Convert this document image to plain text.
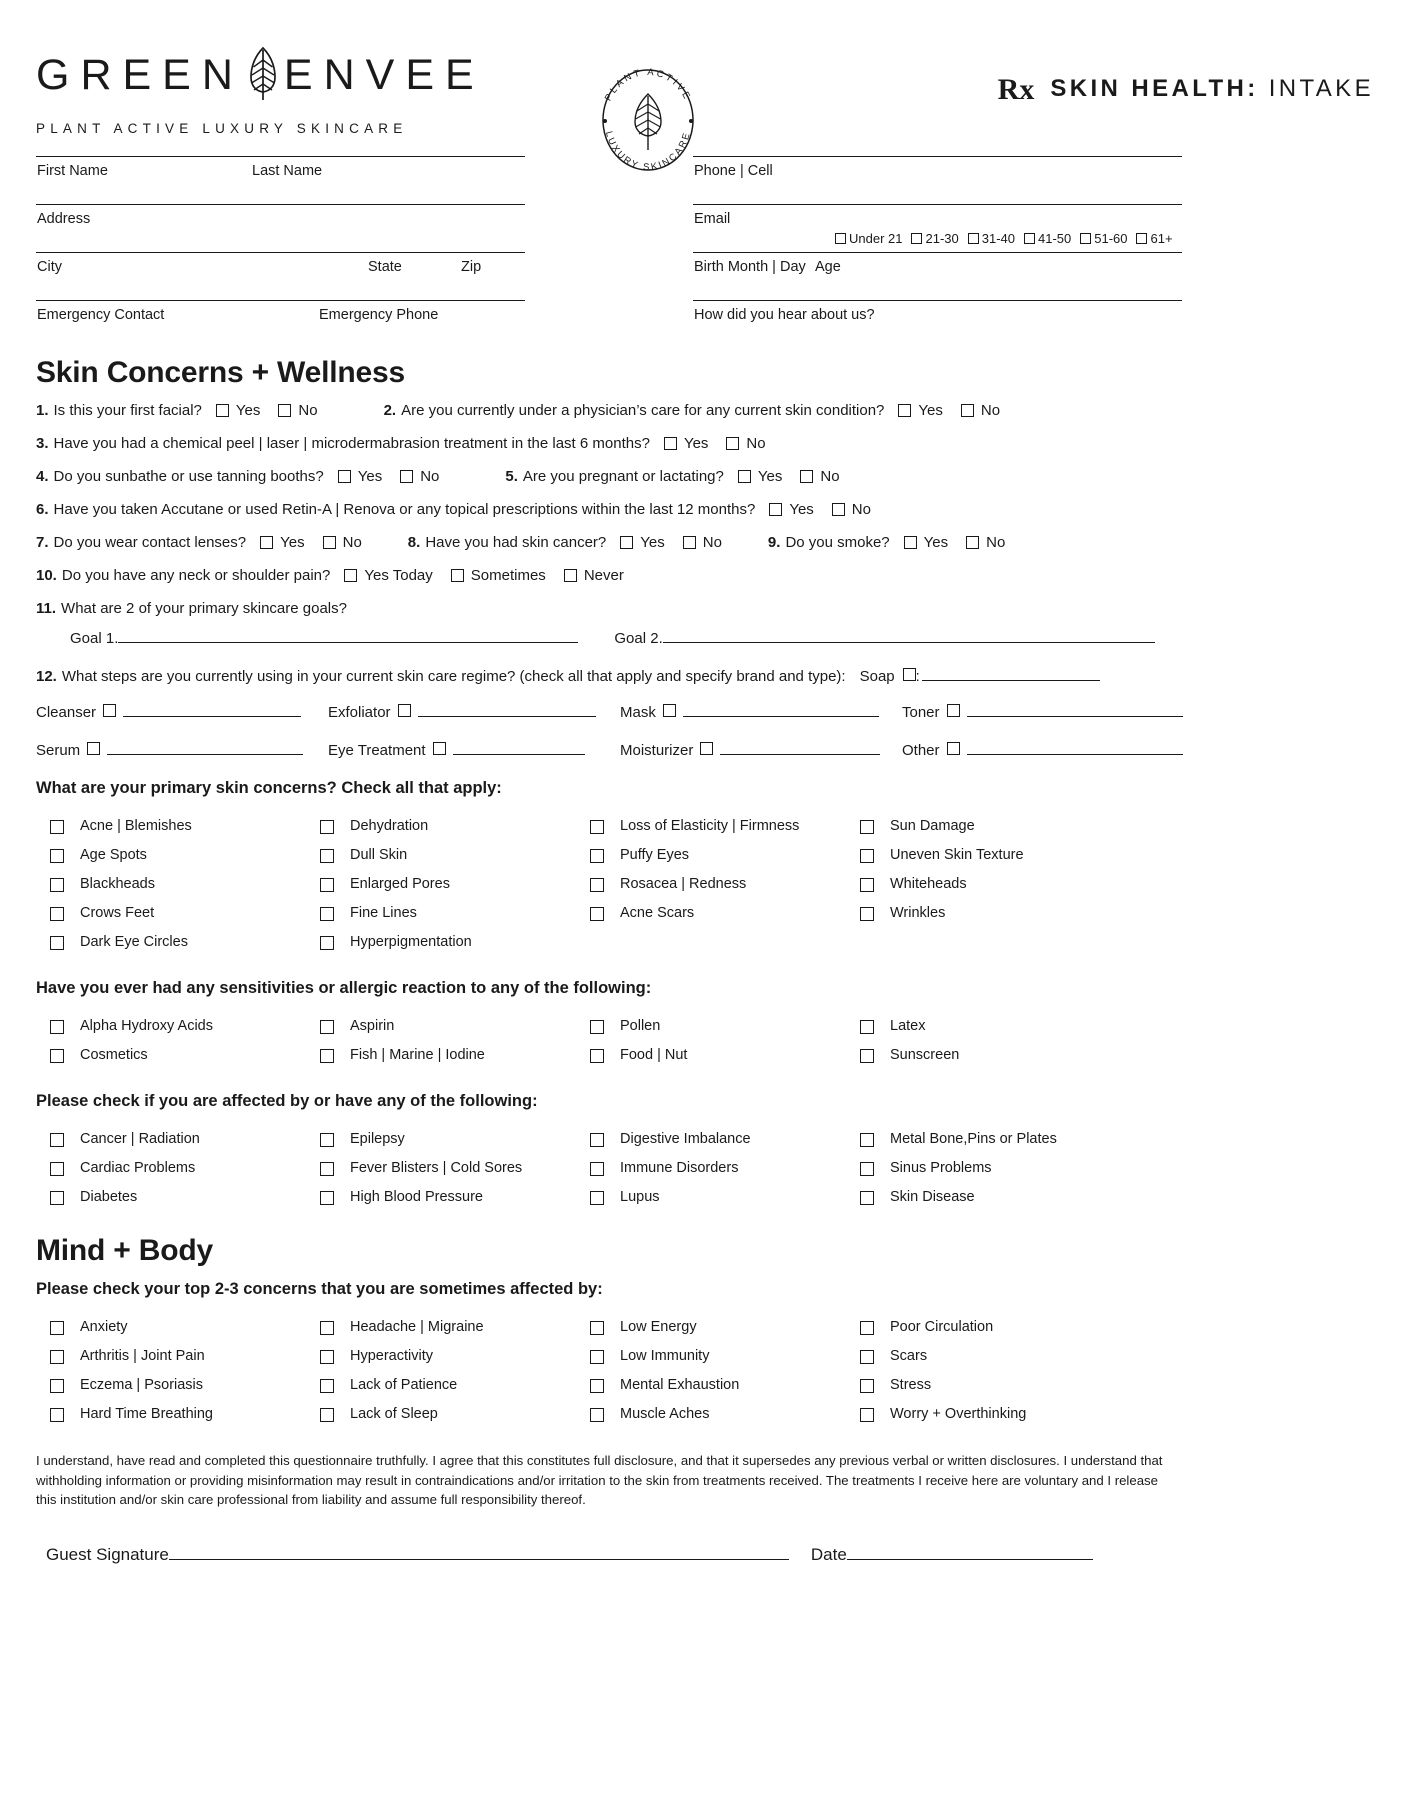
GREEN ENVEE
PLANT ACTIVE LUXURY SKINCARE
PLANT ACTIVE
LUXURY SKINCARE
Rx SKIN HEALTH: INTAKE
First Name	Last Name
Address
City	State	Zip
Emergency Contact	Emergency Phone
Phone | Cell
Email
Under 21 21-30 31-40 41-50 51-60 61+
Birth Month | Day Age
How did you hear about us?
Skin Concerns + Wellness
1. Is this your first facial? Yes	No	2. Are you currently under a physician’s care for any current skin condition? Yes	No
3. Have you had a chemical peel | laser | microdermabrasion treatment in the last 6 months? Yes	No
4. Do you sunbathe or use tanning booths? Yes	No	5. Are you pregnant or lactating? Yes	No
6. Have you taken Accutane or used Retin-A | Renova or any topical prescriptions within the last 12 months? Yes	No
7. Do you wear contact lenses? Yes	No	8. Have you had skin cancer? Yes	No	9. Do you smoke? Yes	No
10. Do you have any neck or shoulder pain? Yes Today	Sometimes	Never
11. What are 2 of your primary skincare goals?
Goal 1.	Goal 2.
12. What steps are you currently using in your current skin care regime? (check all that apply and specify brand and type): Soap :
Cleanser	Exfoliator	Mask	Toner
Serum	Eye Treatment	Moisturizer	Other
What are your primary skin concerns? Check all that apply:
Acne | Blemishes	Dehydration	Loss of Elasticity | Firmness	Sun Damage
Age Spots	Dull Skin	Puffy Eyes	Uneven Skin Texture
Blackheads	Enlarged Pores	Rosacea | Redness	Whiteheads
Crows Feet	Fine Lines	Acne Scars	Wrinkles
Dark Eye Circles	Hyperpigmentation
Have you ever had any sensitivities or allergic reaction to any of the following:
Alpha Hydroxy Acids	Aspirin	Pollen	Latex
Cosmetics	Fish | Marine | Iodine	Food | Nut	Sunscreen
Please check if you are affected by or have any of the following:
Cancer | Radiation	Epilepsy	Digestive Imbalance	Metal Bone,Pins or Plates
Cardiac Problems	Fever Blisters | Cold Sores	Immune Disorders	Sinus Problems
Diabetes	High Blood Pressure	Lupus	Skin Disease
Mind + Body
Please check your top 2-3 concerns that you are sometimes affected by:
Anxiety	Headache | Migraine	Low Energy	Poor Circulation
Arthritis | Joint Pain	Hyperactivity	Low Immunity	Scars
Eczema | Psoriasis	Lack of Patience	Mental Exhaustion	Stress
Hard Time Breathing	Lack of Sleep	Muscle Aches	Worry + Overthinking
I understand, have read and completed this questionnaire truthfully. I agree that this constitutes full disclosure, and that it supersedes any previous verbal or written disclosures. I understand that withholding information or providing misinformation may result in contraindications and/or irritation to the skin from treatments received. The treatments I receive here are voluntary and I release this institution and/or skin care professional from liability and assume full responsibility thereof.
Guest Signature	Date
